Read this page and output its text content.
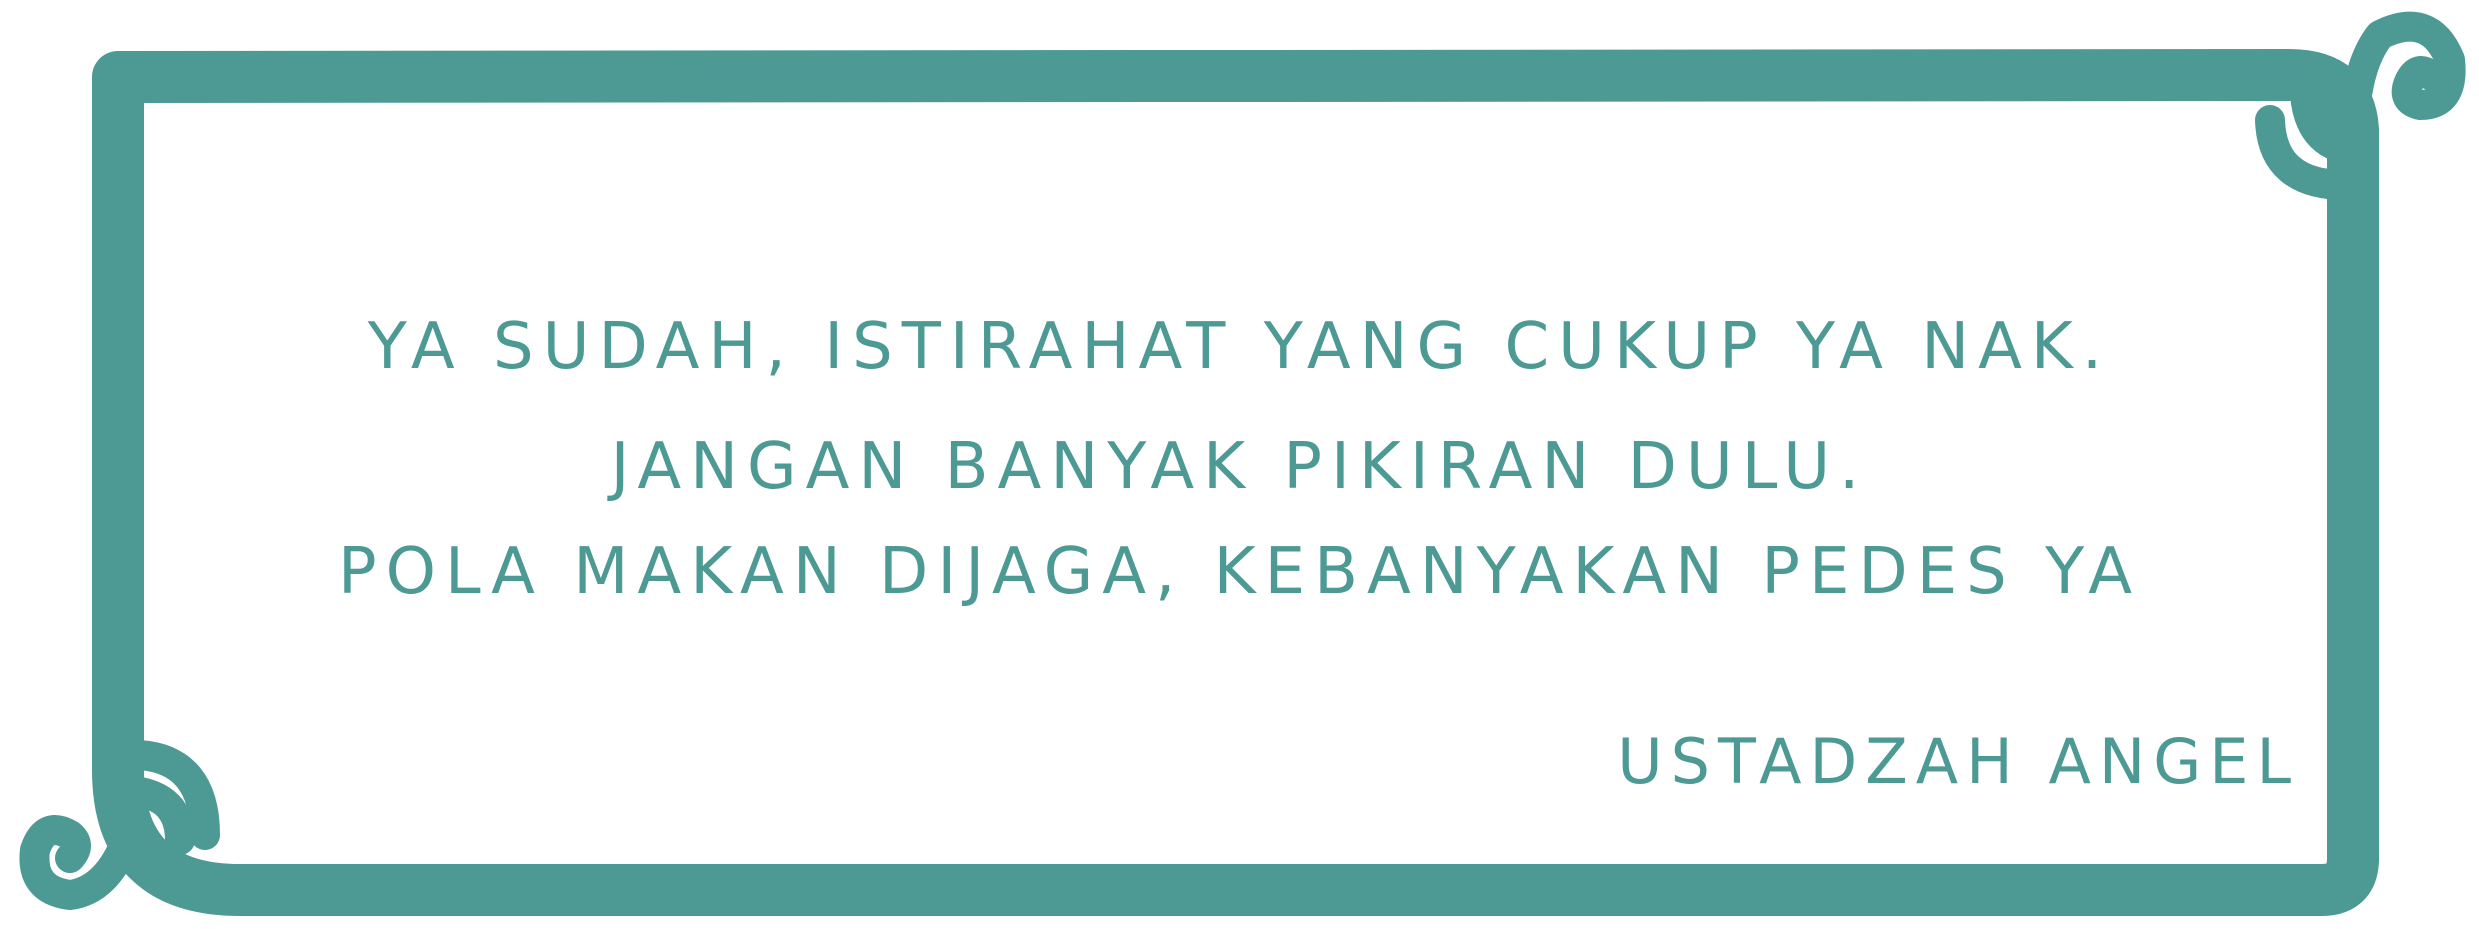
YA SUDAH, ISTIRAHAT YANG CUKUP YA NAK.
JANGAN BANYAK PIKIRAN DULU.
POLA MAKAN DIJAGA, KEBANYAKAN PEDES YA
USTADZAH ANGEL
